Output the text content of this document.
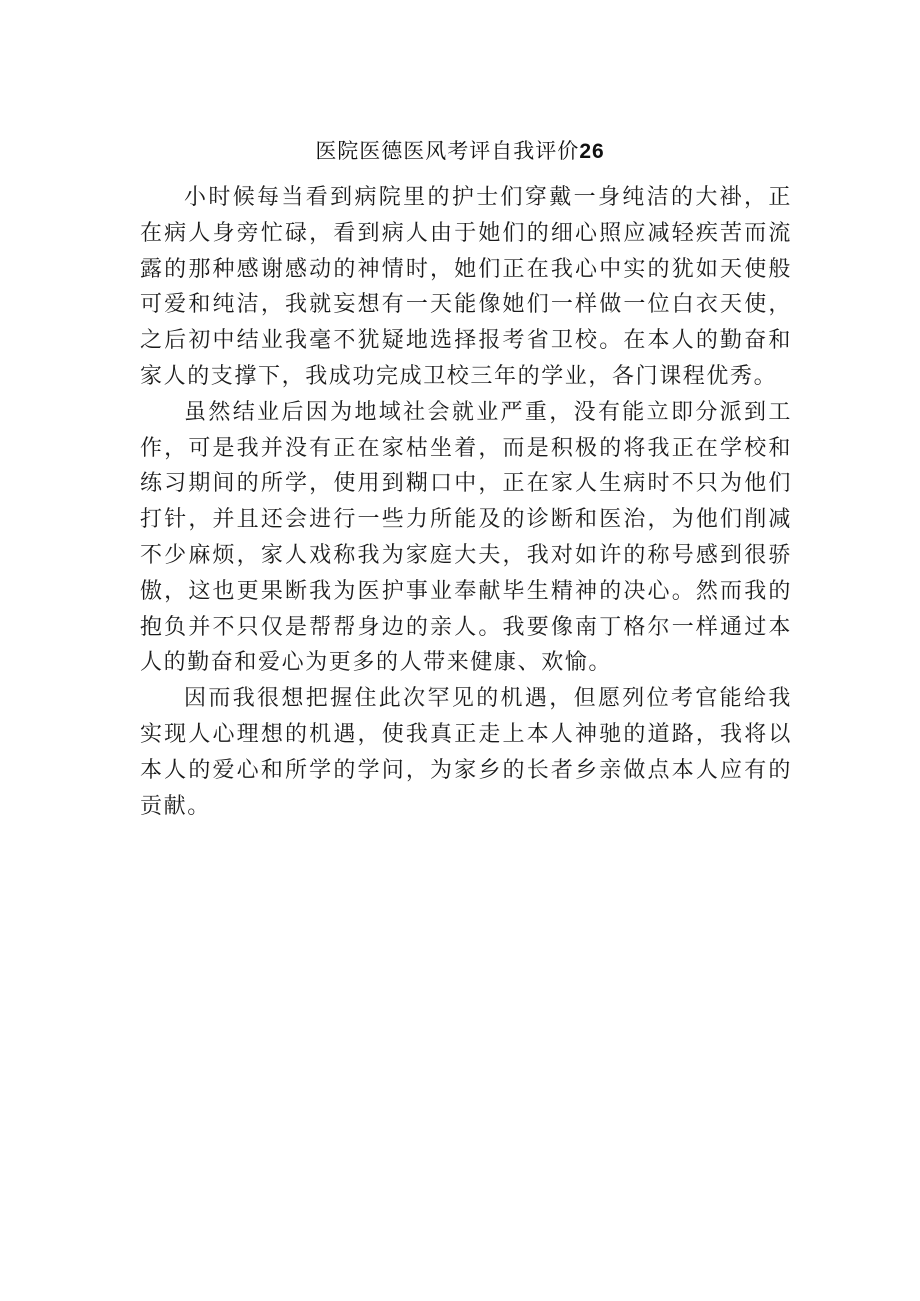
医院医德医风考评自我评价26

小时候每当看到病院里的护士们穿戴一身纯洁的大褂，正在病人身旁忙碌，看到病人由于她们的细心照应减轻疾苦而流露的那种感谢感动的神情时，她们正在我心中实的犹如天使般可爱和纯洁，我就妄想有一天能像她们一样做一位白衣天使，之后初中结业我毫不犹疑地选择报考省卫校。在本人的勤奋和家人的支撑下，我成功完成卫校三年的学业，各门课程优秀。

虽然结业后因为地域社会就业严重，没有能立即分派到工作，可是我并没有正在家枯坐着，而是积极的将我正在学校和练习期间的所学，使用到糊口中，正在家人生病时不只为他们打针，并且还会进行一些力所能及的诊断和医治，为他们削减不少麻烦，家人戏称我为家庭大夫，我对如许的称号感到很骄傲，这也更果断我为医护事业奉献毕生精神的决心。然而我的抱负并不只仅是帮帮身边的亲人。我要像南丁格尔一样通过本人的勤奋和爱心为更多的人带来健康、欢愉。

因而我很想把握住此次罕见的机遇，但愿列位考官能给我实现人心理想的机遇，使我真正走上本人神驰的道路，我将以本人的爱心和所学的学问，为家乡的长者乡亲做点本人应有的贡献。
